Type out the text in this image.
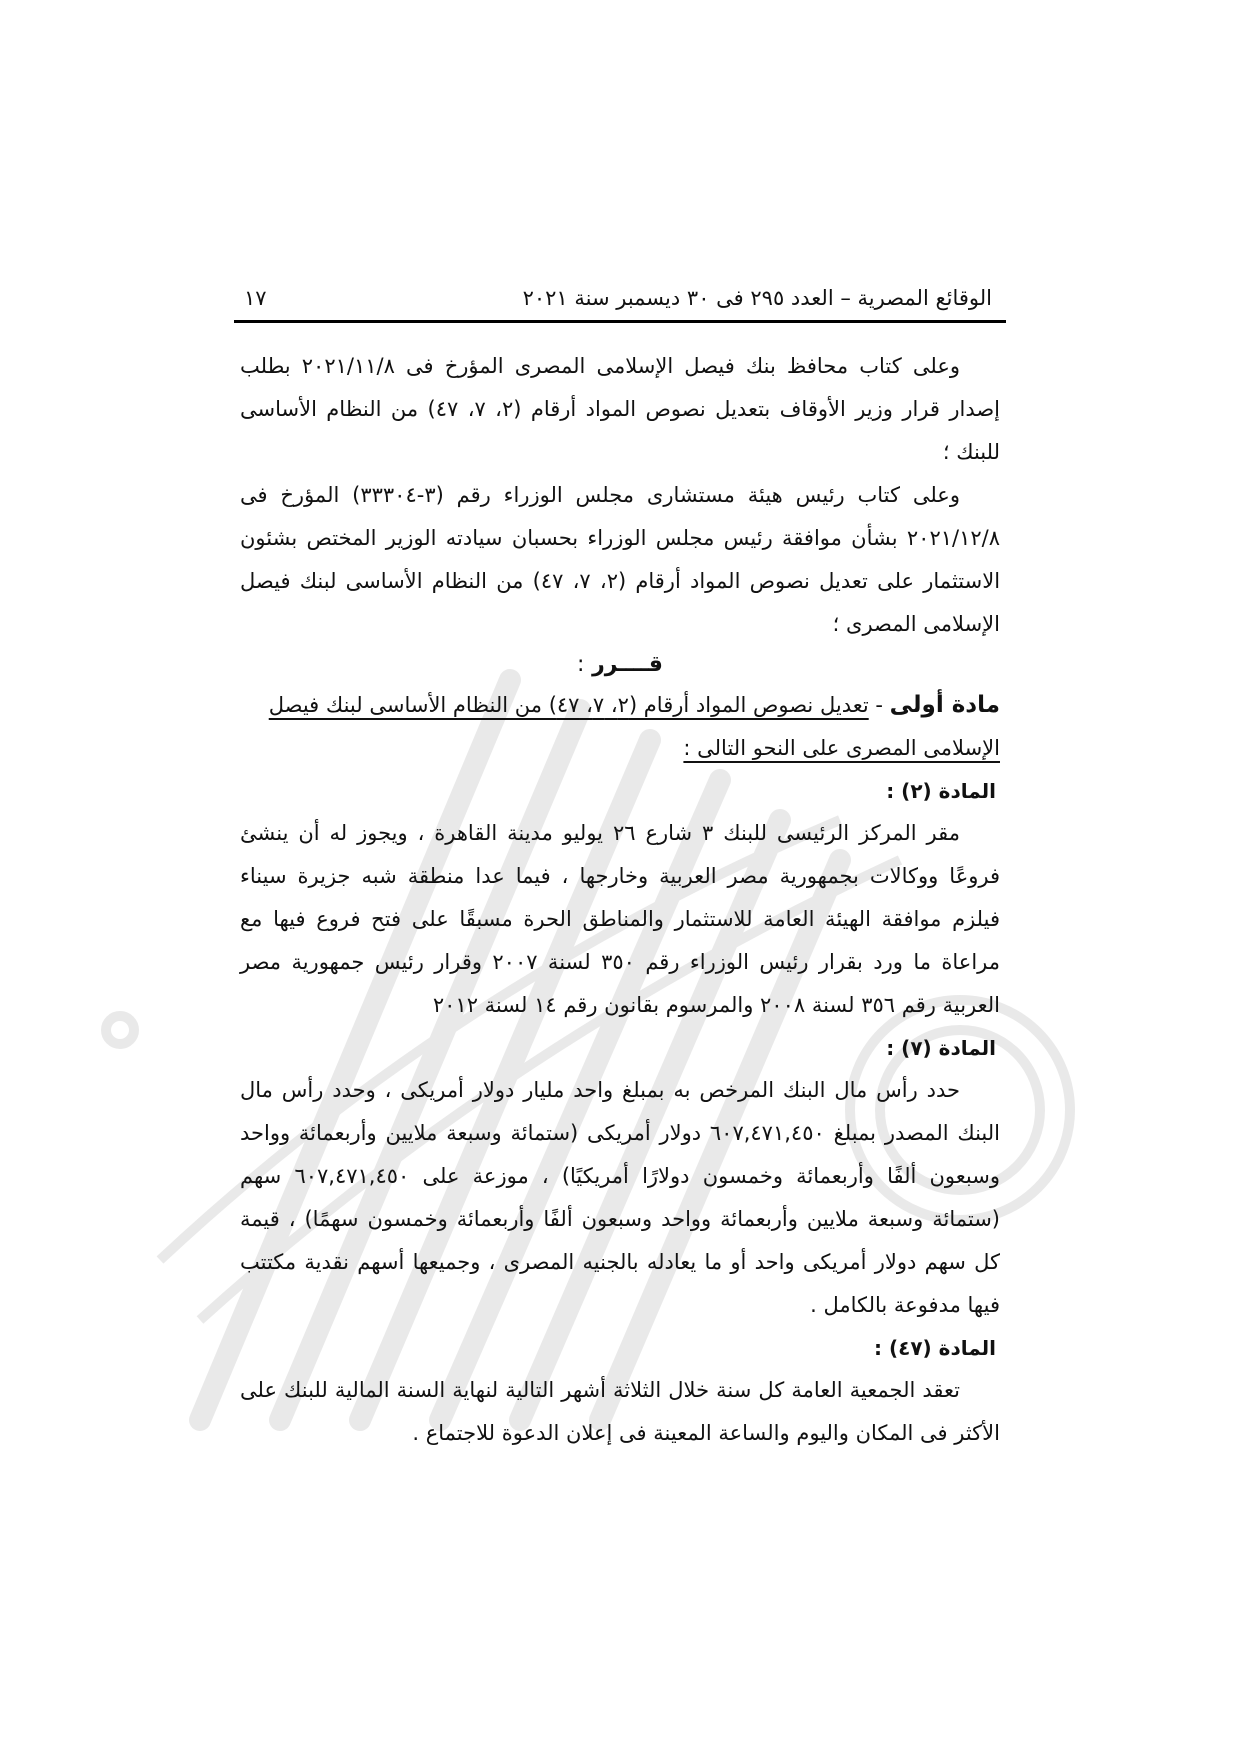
الوقائع المصرية – العدد ٢٩٥ فى ٣٠ ديسمبر سنة ٢٠٢١
١٧

وعلى كتاب محافظ بنك فيصل الإسلامى المصرى المؤرخ فى ٢٠٢١/١١/٨ بطلب إصدار قرار وزير الأوقاف بتعديل نصوص المواد أرقام (٢، ٧، ٤٧) من النظام الأساسى للبنك ؛

وعلى كتاب رئيس هيئة مستشارى مجلس الوزراء رقم (٣-٣٣٣٠٤) المؤرخ فى ٢٠٢١/١٢/٨ بشأن موافقة رئيس مجلس الوزراء بحسبان سيادته الوزير المختص بشئون الاستثمار على تعديل نصوص المواد أرقام (٢، ٧، ٤٧) من النظام الأساسى لبنك فيصل الإسلامى المصرى ؛

قــــرر :

مادة أولى - تعديل نصوص المواد أرقام (٢، ٧، ٤٧) من النظام الأساسى لبنك فيصل الإسلامى المصرى على النحو التالى :

المادة (٢) :

مقر المركز الرئيسى للبنك ٣ شارع ٢٦ يوليو مدينة القاهرة ، ويجوز له أن ينشئ فروعًا ووكالات بجمهورية مصر العربية وخارجها ، فيما عدا منطقة شبه جزيرة سيناء فيلزم موافقة الهيئة العامة للاستثمار والمناطق الحرة مسبقًا على فتح فروع فيها مع مراعاة ما ورد بقرار رئيس الوزراء رقم ٣٥٠ لسنة ٢٠٠٧ وقرار رئيس جمهورية مصر العربية رقم ٣٥٦ لسنة ٢٠٠٨ والمرسوم بقانون رقم ١٤ لسنة ٢٠١٢

المادة (٧) :

حدد رأس مال البنك المرخص به بمبلغ واحد مليار دولار أمريكى ، وحدد رأس مال البنك المصدر بمبلغ ٦٠٧,٤٧١,٤٥٠ دولار أمريكى (ستمائة وسبعة ملايين وأربعمائة وواحد وسبعون ألفًا وأربعمائة وخمسون دولارًا أمريكيًا) ، موزعة على ٦٠٧,٤٧١,٤٥٠ سهم (ستمائة وسبعة ملايين وأربعمائة وواحد وسبعون ألفًا وأربعمائة وخمسون سهمًا) ، قيمة كل سهم دولار أمريكى واحد أو ما يعادله بالجنيه المصرى ، وجميعها أسهم نقدية مكتتب فيها مدفوعة بالكامل .

المادة (٤٧) :

تعقد الجمعية العامة كل سنة خلال الثلاثة أشهر التالية لنهاية السنة المالية للبنك على الأكثر فى المكان واليوم والساعة المعينة فى إعلان الدعوة للاجتماع .
